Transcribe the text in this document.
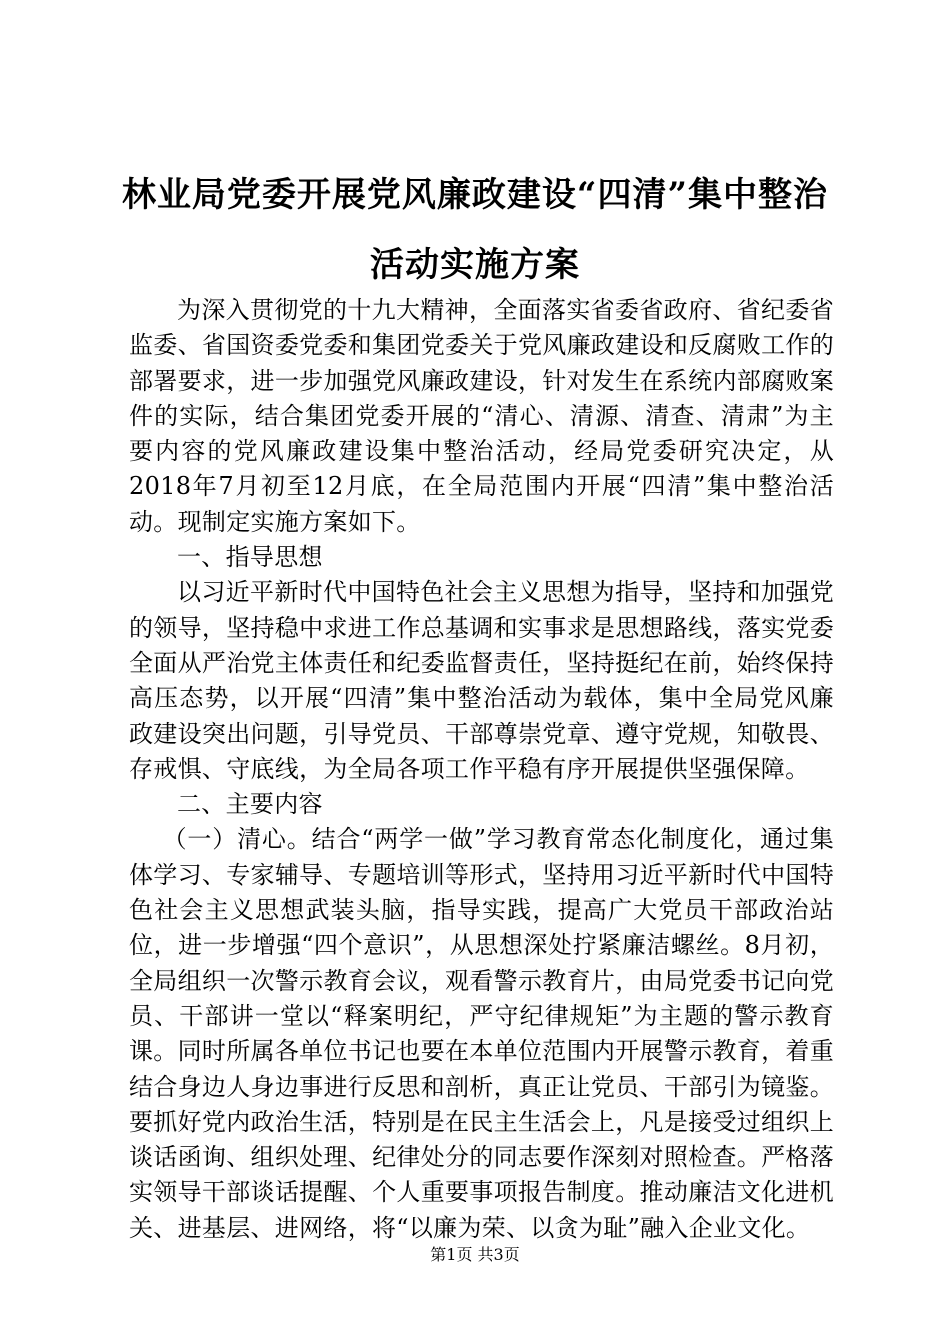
林业局党委开展党风廉政建设“四清”集中整治活动实施方案

为深入贯彻党的十九大精神，全面落实省委省政府、省纪委省监委、省国资委党委和集团党委关于党风廉政建设和反腐败工作的部署要求，进一步加强党风廉政建设，针对发生在系统内部腐败案件的实际，结合集团党委开展的“清心、清源、清查、清肃”为主要内容的党风廉政建设集中整治活动，经局党委研究决定，从2018年7月初至12月底，在全局范围内开展“四清”集中整治活动。现制定实施方案如下。

一、指导思想

以习近平新时代中国特色社会主义思想为指导，坚持和加强党的领导，坚持稳中求进工作总基调和实事求是思想路线，落实党委全面从严治党主体责任和纪委监督责任，坚持挺纪在前，始终保持高压态势，以开展“四清”集中整治活动为载体，集中全局党风廉政建设突出问题，引导党员、干部尊崇党章、遵守党规，知敬畏、存戒惧、守底线，为全局各项工作平稳有序开展提供坚强保障。

二、主要内容

（一）清心。结合“两学一做”学习教育常态化制度化，通过集体学习、专家辅导、专题培训等形式，坚持用习近平新时代中国特色社会主义思想武装头脑，指导实践，提高广大党员干部政治站位，进一步增强“四个意识”，从思想深处拧紧廉洁螺丝。8月初，全局组织一次警示教育会议，观看警示教育片，由局党委书记向党员、干部讲一堂以“释案明纪，严守纪律规矩”为主题的警示教育课。同时所属各单位书记也要在本单位范围内开展警示教育，着重结合身边人身边事进行反思和剖析，真正让党员、干部引为镜鉴。要抓好党内政治生活，特别是在民主生活会上，凡是接受过组织上谈话函询、组织处理、纪律处分的同志要作深刻对照检查。严格落实领导干部谈话提醒、个人重要事项报告制度。推动廉洁文化进机关、进基层、进网络，将“以廉为荣、以贪为耻”融入企业文化。

第1页 共3页
